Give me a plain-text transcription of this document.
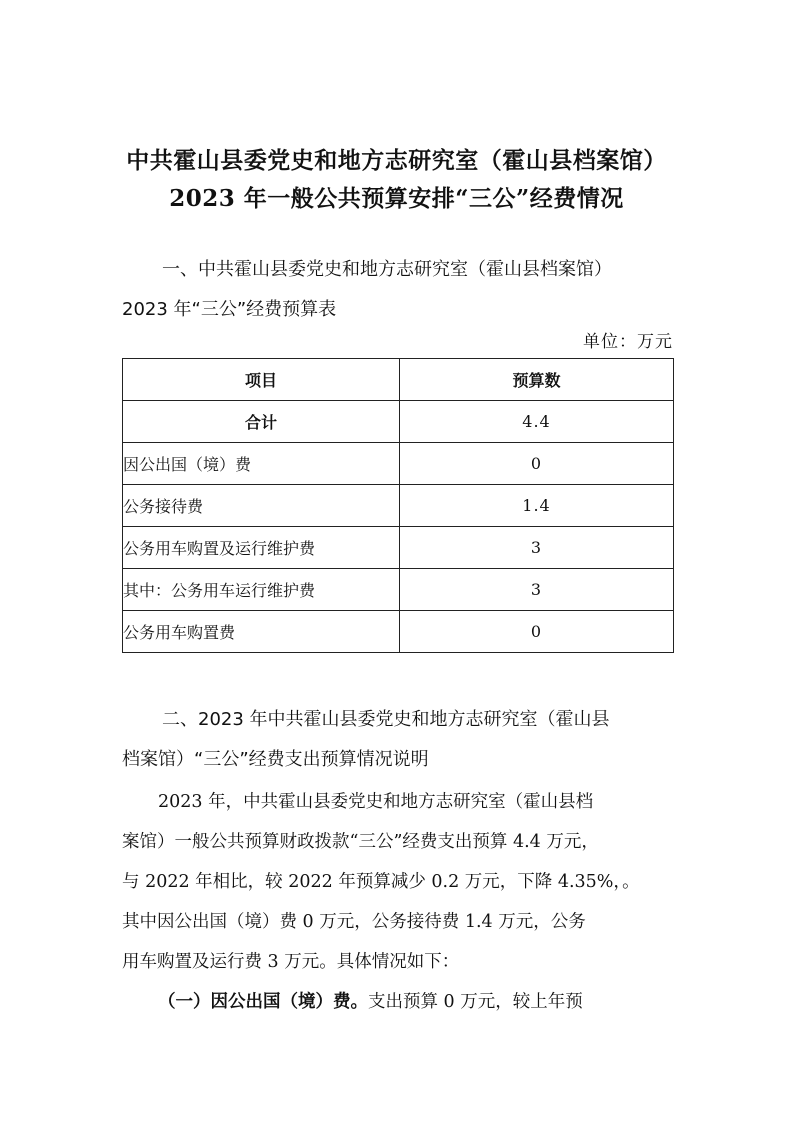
中共霍山县委党史和地方志研究室（霍山县档案馆）
2023 年一般公共预算安排“三公”经费情况
一、中共霍山县委党史和地方志研究室（霍山县档案馆）
2023 年“三公”经费预算表
单位：万元
项目	预算数
合计	4.4
因公出国（境）费	0
公务接待费	1.4
公务用车购置及运行维护费	3
其中：公务用车运行维护费	3
公务用车购置费	0
二、2023 年中共霍山县委党史和地方志研究室（霍山县
档案馆）“三公”经费支出预算情况说明
2023 年，中共霍山县委党史和地方志研究室（霍山县档
案馆）一般公共预算财政拨款“三公”经费支出预算 4.4 万元，
与 2022 年相比，较 2022 年预算减少 0.2 万元，下降 4.35%，。
其中因公出国（境）费 0 万元，公务接待费 1.4 万元，公务
用车购置及运行费 3 万元。具体情况如下：
（一）因公出国（境）费。支出预算 0 万元，较上年预
